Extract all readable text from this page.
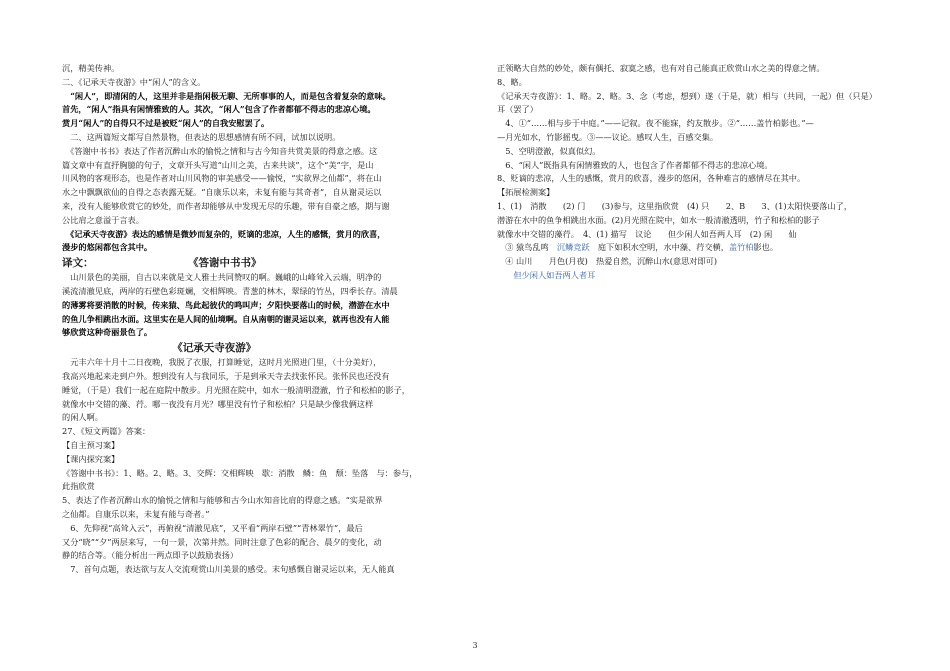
沉，精美传神。
二、《记承天寺夜游》中“闲人”的含义。
　“闲人”，即清闲的人，这里并非是指闲极无聊、无所事事的人，而是包含着复杂的意味。
首先，“闲人”指具有闲情雅致的人。其次，“闲人”包含了作者都郁不得志的悲凉心境。
赏月“闲人”的自得只不过是被贬“闲人”的自我安慰罢了。
　二、这两篇短文都写自然景物，但表达的思想感情有所不同，试加以说明。
　《答谢中书书》表达了作者沉醉山水的愉悦之情和与古今知音共赏美景的得意之感。这
篇文章中有直抒胸臆的句子，文章开头写道“山川之美，古来共谈”，这个“美”字，是山
川风物的客观形态，也是作者对山川风物的审美感受——愉悦，“实欲界之仙都”，将在山
水之中飘飘欲仙的自得之态表露无疑。“自康乐以来，未复有能与其奇者”，自从谢灵运以
来，没有人能够欣赏它的妙处，而作者却能够从中发现无尽的乐趣，带有自豪之感，期与谢
公比肩之意溢于言表。
　《记承天寺夜游》表达的感情是微妙而复杂的，贬谪的悲凉，人生的感慨，赏月的欣喜，
漫步的悠闲都包含其中。
译文：　　　　　　　　　　《答谢中书书》
　山川景色的美丽，自古以来就是文人雅士共同赞叹的啊。巍峨的山峰耸入云端，明净的
溪流清澈见底，两岸的石壁色彩斑斓，交相辉映。青葱的林木，翠绿的竹丛，四季长存。清晨
的薄雾将要消散的时候，传来猿、鸟此起彼伏的鸣叫声；夕阳快要落山的时候，潜游在水中
的鱼儿争相跳出水面。这里实在是人间的仙境啊。自从南朝的谢灵运以来，就再也没有人能
够欣赏这种奇丽景色了。
　　　　　　　　　　　《记承天寺夜游》
　元丰六年十月十二日夜晚，我脱了衣服，打算睡觉，这时月光照进门里，（十分美好），
我高兴地起来走到户外。想到没有人与我同乐，于是到承天寺去找张怀民。张怀民也还没有
睡觉，（于是）我们一起在庭院中散步。月光照在院中，如水一般清明澄澈，竹子和松柏的影子，
就像水中交错的藻、荇。哪一夜没有月光？哪里没有竹子和松柏？只是缺少像我俩这样
的闲人啊。
27、《短文两篇》答案：
【自主预习案】
【课内探究案】
《答谢中书书》：1、略。2、略。3、交辉：交相辉映　歇：消散　鳞：鱼　颓：坠落　与：参与，
此指欣赏
5、表达了作者沉醉山水的愉悦之情和与能够和古今山水知音比肩的得意之感。“实是欲界
之仙都。自康乐以来，未复有能与奇者。”
　6、先仰视“高耸入云”，再俯视“清澈见底”，又平看“两岸石壁”“青林翠竹”，最后
又分“晓”“夕”两层来写，一句一景，次第井然。同时注意了色彩的配合、晨夕的变化，动
静的结合等。（能分析出一两点即予以鼓励表扬）
　7、首句点题，表达欲与友人交流观赏山川美景的感受。末句感慨自谢灵运以来，无人能真
正领略大自然的妙处，颇有偶托、寂寞之感，也有对自己能真正欣赏山水之美的得意之情。
8、略。
《记承天寺夜游》：1、略。2、略。3、念（考虑，想到）遂（于是，就）相与（共同，一起）但（只是）
耳（罢了）
　4、①“……相与步于中庭。”——记叙。夜不能寐，约友散步。②“……盖竹柏影也。”—
—月光如水，竹影摇曳。③——议论。感叹人生，百感交集。
　5、空明澄澈，似真似幻。
　6、“闲人”既指具有闲情雅致的人，也包含了作者都郁不得志的悲凉心境。
8、贬谪的悲凉，人生的感慨，赏月的欣喜，漫步的悠闲，各种难言的感情尽在其中。
【拓展检测案】
1、(1)　消散　　(2) 门　　(3)参与，这里指欣赏　(4) 只　　2、B　　3、(1)太阳快要落山了，
潜游在水中的鱼争相跳出水面。(2)月光照在院中，如水一般清澈透明，竹子和松柏的影子
就像水中交错的藻荇。　4、(1) 描写　议论　　但少闲人如吾两人耳　(2) 闲　　仙
　③ 猿鸟乱鸣　沉鳞竞跃　庭下如积水空明，水中藻、荇交横，盖竹柏影也。
　④ 山川　　月色(月夜)　热爱自然，沉醉山水(意思对即可)
　　但少闲人如吾两人者耳
3
